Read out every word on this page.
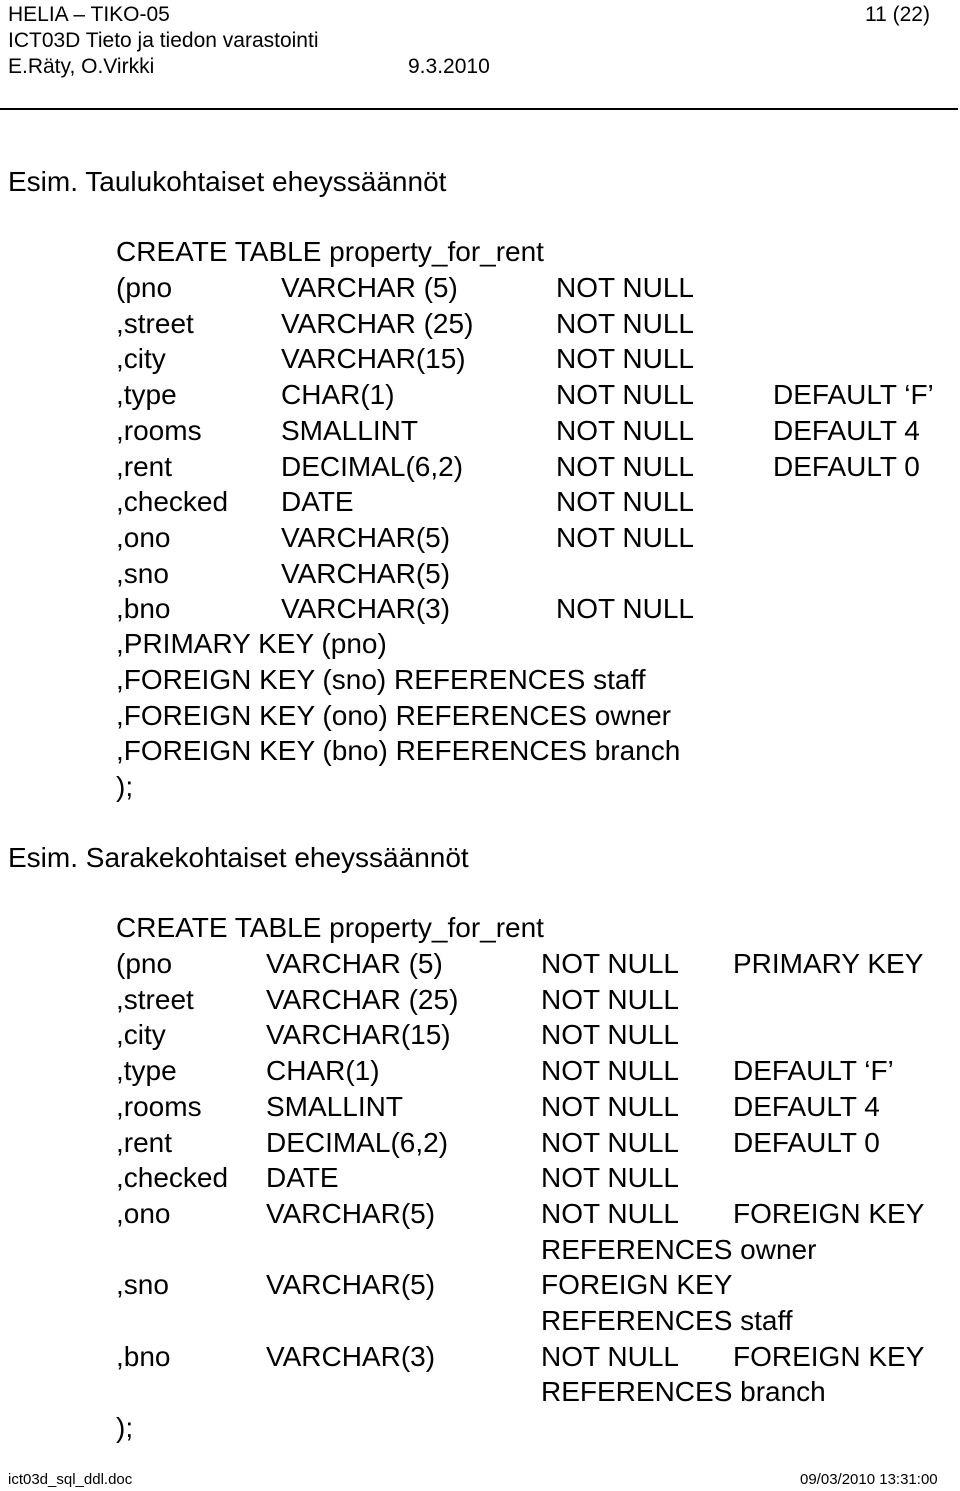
HELIA – TIKO-05	11 (22)
ICT03D Tieto ja tiedon varastointi
E.Räty, O.Virkki	9.3.2010
Esim. Taulukohtaiset eheyssäännöt
CREATE TABLE property_for_rent
(pno	VARCHAR (5)	NOT NULL
,street	VARCHAR (25)	NOT NULL
,city	VARCHAR(15)	NOT NULL
,type	CHAR(1)	NOT NULL	DEFAULT ‘F’
,rooms	SMALLINT	NOT NULL	DEFAULT 4
,rent	DECIMAL(6,2)	NOT NULL	DEFAULT 0
,checked DATE	NOT NULL
,ono	VARCHAR(5)	NOT NULL
,sno	VARCHAR(5)
,bno	VARCHAR(3)	NOT NULL
,PRIMARY KEY (pno)
,FOREIGN KEY (sno) REFERENCES staff
,FOREIGN KEY (ono) REFERENCES owner
,FOREIGN KEY (bno) REFERENCES branch
);
Esim. Sarakekohtaiset eheyssäännöt
CREATE TABLE property_for_rent
(pno	VARCHAR (5)	NOT NULL PRIMARY KEY
,street	VARCHAR (25)	NOT NULL
,city	VARCHAR(15)	NOT NULL
,type	CHAR(1)	NOT NULL DEFAULT ‘F’
,rooms SMALLINT	NOT NULL DEFAULT 4
,rent	DECIMAL(6,2)	NOT NULL DEFAULT 0
,checked DATE	NOT NULL
,ono	VARCHAR(5)	NOT NULL FOREIGN KEY
REFERENCES owner
,sno	VARCHAR(5)	FOREIGN KEY
REFERENCES staff
,bno	VARCHAR(3)	NOT NULL FOREIGN KEY
REFERENCES branch
);
ict03d_sql_ddl.doc	09/03/2010 13:31:00
